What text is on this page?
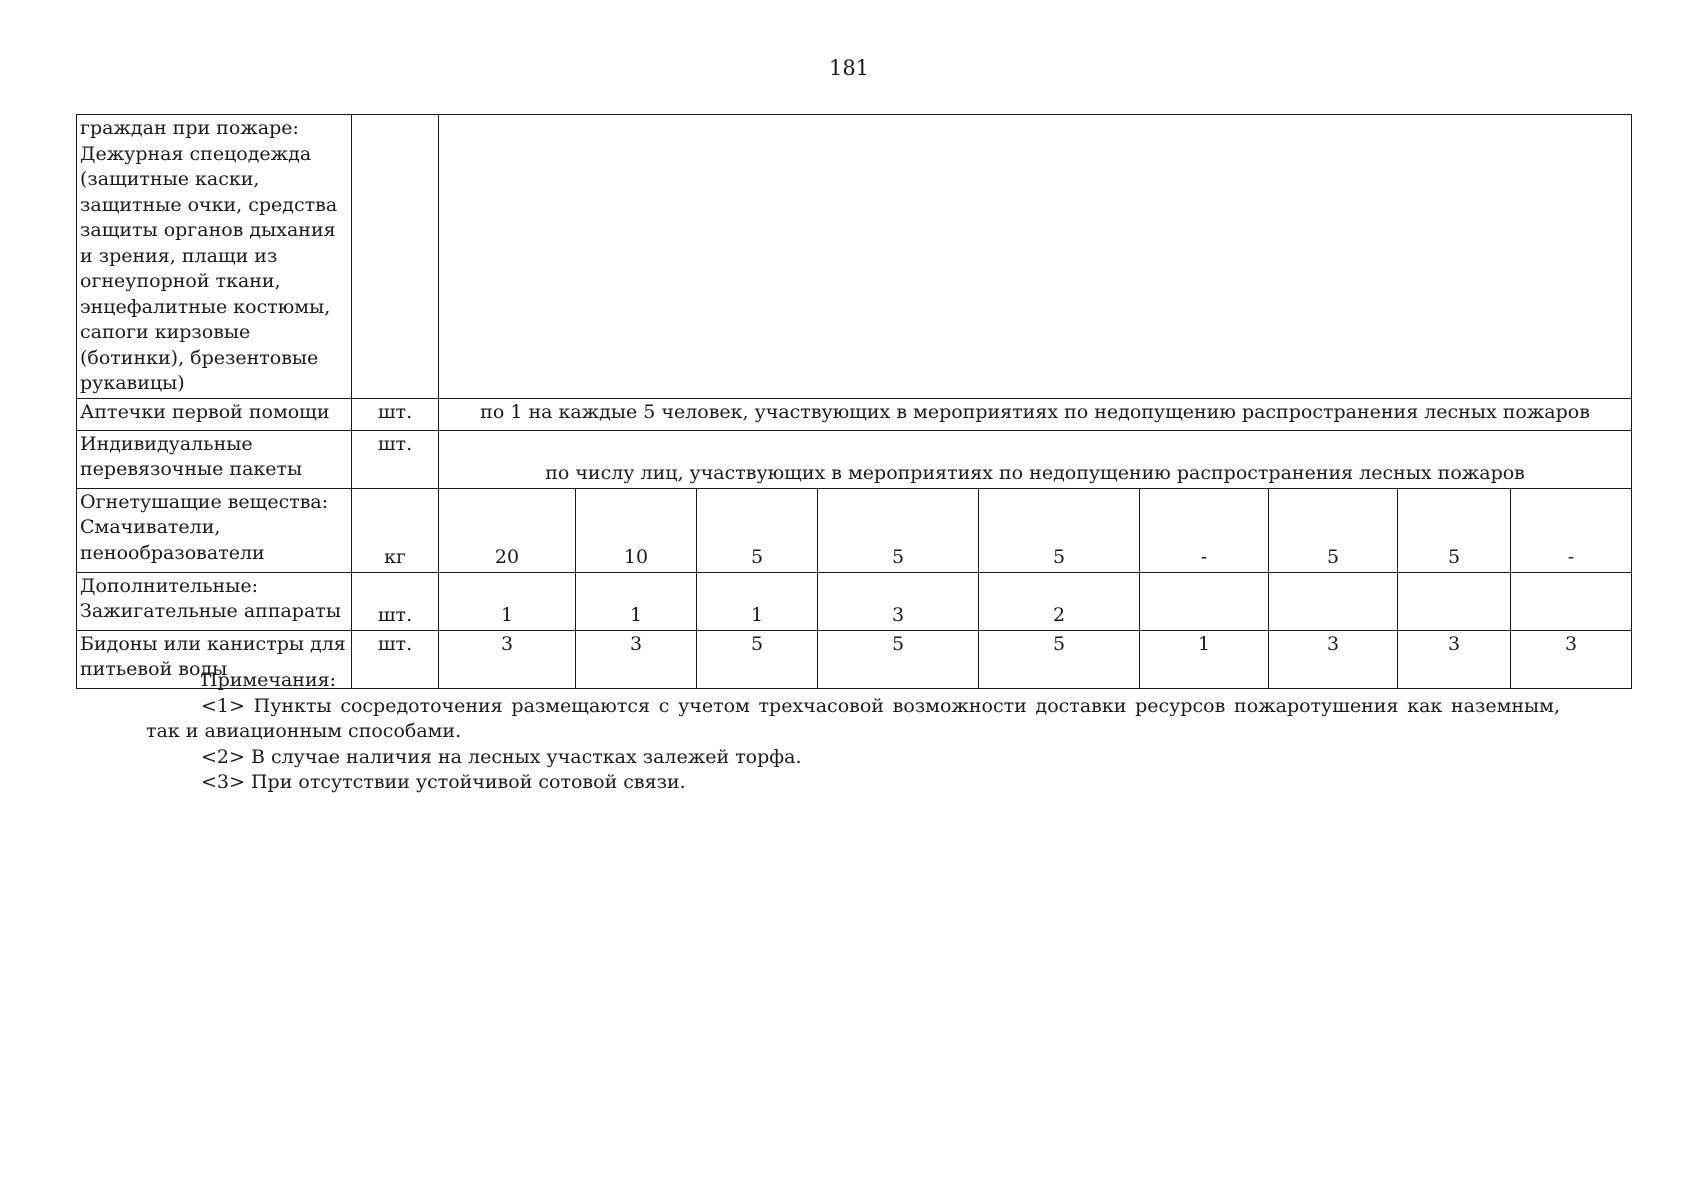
181
граждан при пожаре: Дежурная спецодежда (защитные каски, защитные очки, средства защиты органов дыхания и зрения, плащи из огнеупорной ткани, энцефалитные костюмы, сапоги кирзовые (ботинки), брезентовые рукавицы)										
Аптечки первой помощи	шт.	по 1 на каждые 5 человек, участвующих в мероприятиях по недопущению распространения лесных пожаров								

Индивидуальные
перевязочные пакеты	шт.	по числу лиц, участвующих в мероприятиях по недопущению распространения лесных пожаров								

Огнетушащие вещества:
Смачиватели,
пенообразователи	кг	20	10	5	5	5	-	5	5	-

Дополнительные:
Зажигательные аппараты	шт.	1	1	1	3	2				
Бидоны или канистры для питьевой воды	шт.	3	3	5	5	5	1	3	3	3

Примечания:

<1> Пункты сосредоточения размещаются с учетом трехчасовой возможности доставки ресурсов пожаротушения как наземным, так и авиационным способами.

<2> В случае наличия на лесных участках залежей торфа.

<3> При отсутствии устойчивой сотовой связи.
